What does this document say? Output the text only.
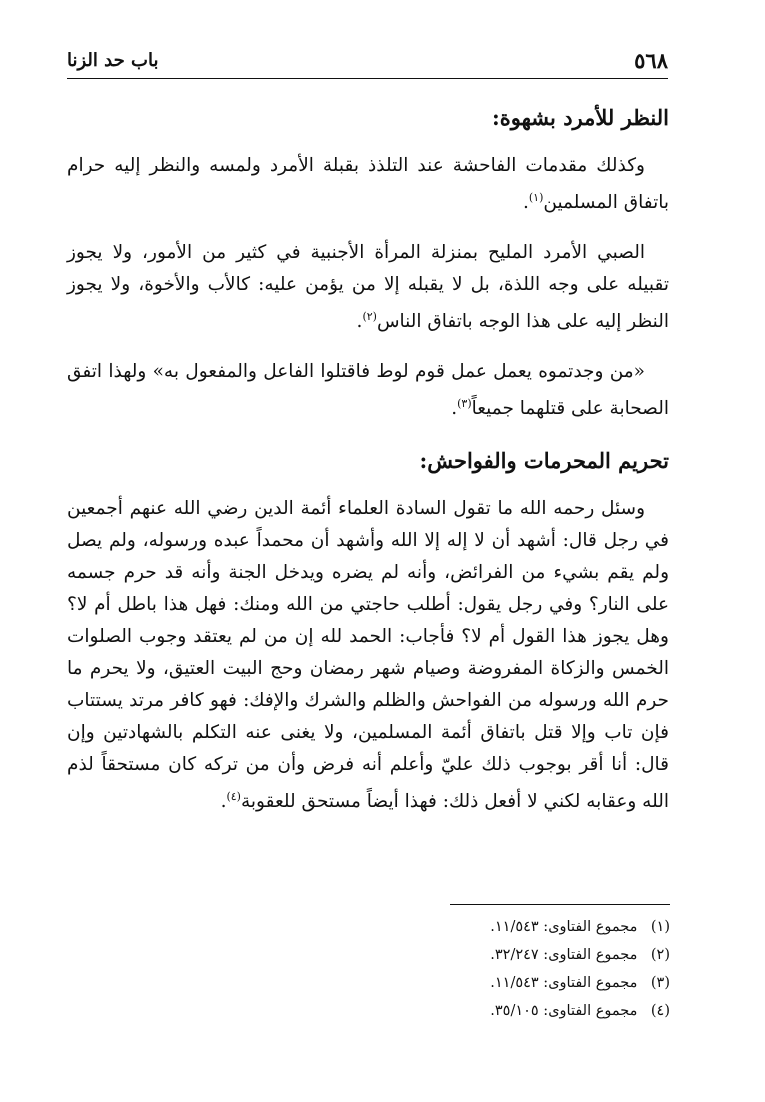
٥٦٨
باب حد الزنا
النظر للأمرد بشهوة:

وكذلك مقدمات الفاحشة عند التلذذ بقبلة الأمرد ولمسه والنظر إليه حرام باتفاق المسلمين$^{(١)}$.

الصبي الأمرد المليح بمنزلة المرأة الأجنبية في كثير من الأمور، ولا يجوز تقبيله على وجه اللذة، بل لا يقبله إلا من يؤمن عليه: كالأب والأخوة، ولا يجوز النظر إليه على هذا الوجه باتفاق الناس$^{(٢)}$.

«من وجدتموه يعمل عمل قوم لوط فاقتلوا الفاعل والمفعول به» ولهذا اتفق الصحابة على قتلهما جميعاً$^{(٣)}$.

تحريم المحرمات والفواحش:

وسئل رحمه الله ما تقول السادة العلماء أئمة الدين رضي الله عنهم أجمعين في رجل قال: أشهد أن لا إله إلا الله وأشهد أن محمداً عبده ورسوله، ولم يصل ولم يقم بشيء من الفرائض، وأنه لم يضره ويدخل الجنة وأنه قد حرم جسمه على النار؟ وفي رجل يقول: أطلب حاجتي من الله ومنك: فهل هذا باطل أم لا؟ وهل يجوز هذا القول أم لا؟ فأجاب: الحمد لله إن من لم يعتقد وجوب الصلوات الخمس والزكاة المفروضة وصيام شهر رمضان وحج البيت العتيق، ولا يحرم ما حرم الله ورسوله من الفواحش والظلم والشرك والإفك: فهو كافر مرتد يستتاب فإن تاب وإلا قتل باتفاق أئمة المسلمين، ولا يغنى عنه التكلم بالشهادتين وإن قال: أنا أقر بوجوب ذلك عليّ وأعلم أنه فرض وأن من تركه كان مستحقاً لذم الله وعقابه لكني لا أفعل ذلك: فهذا أيضاً مستحق للعقوبة$^{(٤)}$.

(١) مجموع الفتاوى: ١١/٥٤٣.
(٢) مجموع الفتاوى: ٣٢/٢٤٧.
(٣) مجموع الفتاوى: ١١/٥٤٣.
(٤) مجموع الفتاوى: ٣٥/١٠٥.
